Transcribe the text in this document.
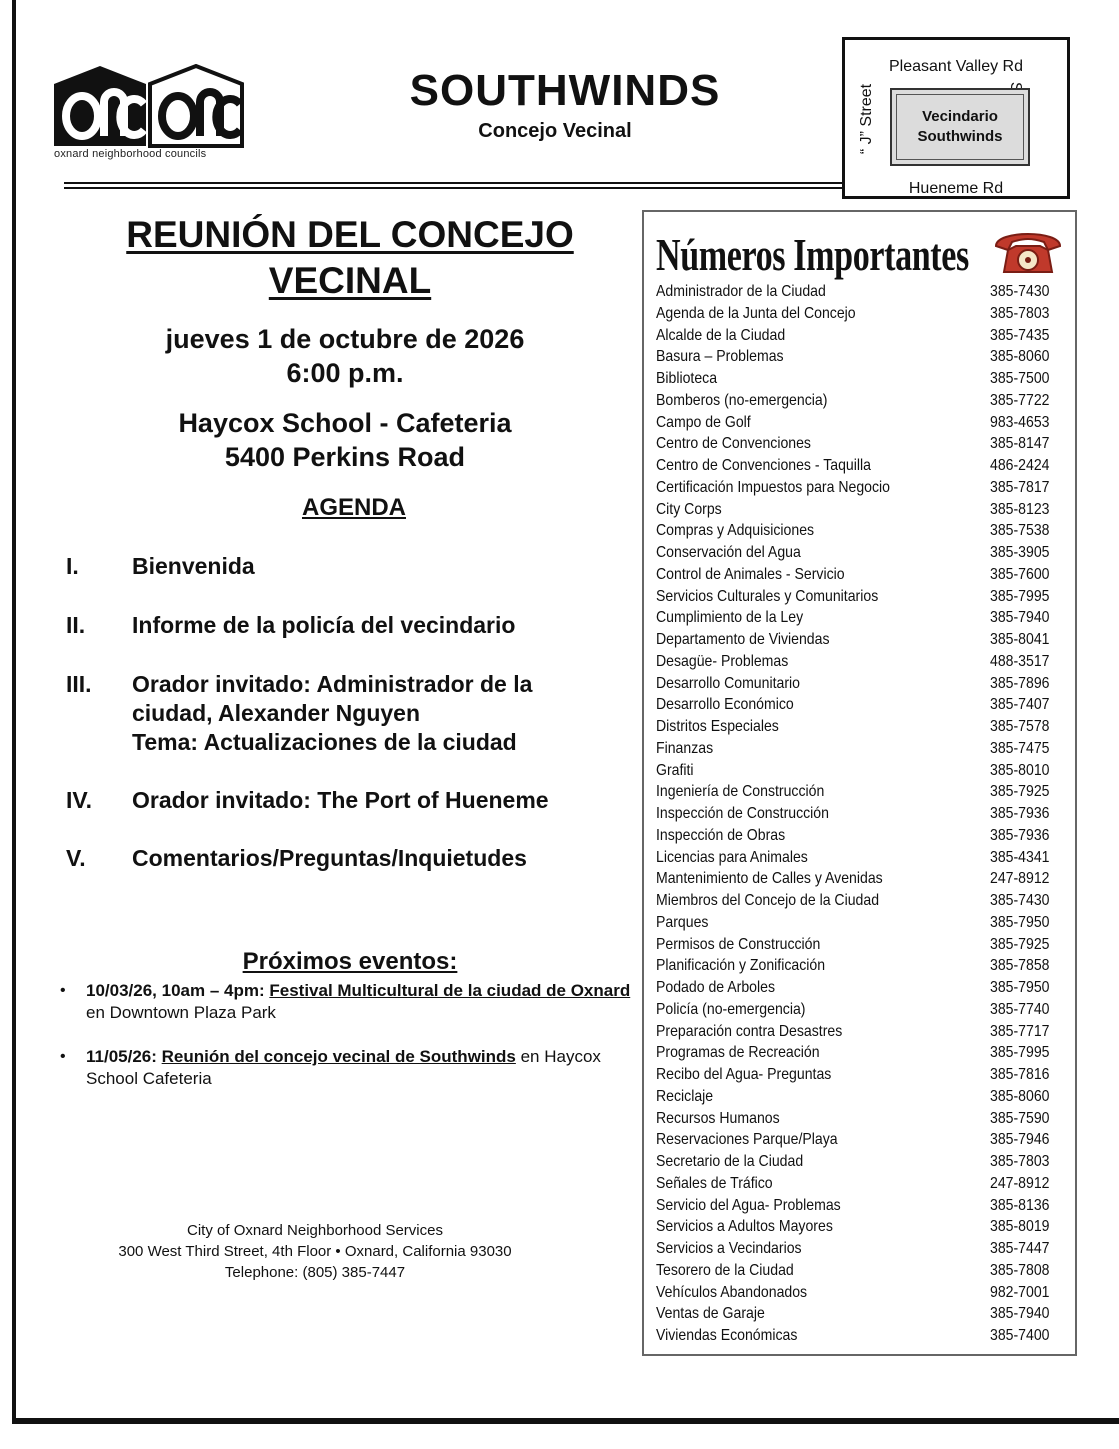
oxnard neighborhood councils
SOUTHWINDS
Concejo Vecinal
Pleasant Valley Rd
“ J” Street	Vecindario
Southwinds
Hueneme Rd
REUNIÓN DEL CONCEJO
VECINAL
jueves 1 de octubre de 2026
6:00 p.m.
Haycox School - Cafeteria
5400 Perkins Road
AGENDA
I.	Bienvenida
II.	Informe de la policía del vecindario
III.	Orador invitado: Administrador de la
ciudad, Alexander Nguyen
Tema: Actualizaciones de la ciudad
IV.	Orador invitado: The Port of Hueneme
V.	Comentarios/Preguntas/Inquietudes
Próximos eventos:
•	10/03/26, 10am – 4pm: Festival Multicultural de la ciudad de Oxnard en Downtown Plaza Park
•	11/05/26: Reunión del concejo vecinal de Southwinds en Haycox School Cafeteria
City of Oxnard Neighborhood Services
300 West Third Street, 4th Floor • Oxnard, California 93030
Telephone: (805) 385-7447
Números Importantes
Administrador de la Ciudad	385-7430
Agenda de la Junta del Concejo	385-7803
Alcalde de la Ciudad	385-7435
Basura – Problemas	385-8060
Biblioteca	385-7500
Bomberos (no-emergencia)	385-7722
Campo de Golf	983-4653
Centro de Convenciones	385-8147
Centro de Convenciones - Taquilla	486-2424
Certificación Impuestos para Negocio	385-7817
City Corps	385-8123
Compras y Adquisiciones	385-7538
Conservación del Agua	385-3905
Control de Animales - Servicio	385-7600
Servicios Culturales y Comunitarios	385-7995
Cumplimiento de la Ley	385-7940
Departamento de Viviendas	385-8041
Desagüe- Problemas	488-3517
Desarrollo Comunitario	385-7896
Desarrollo Económico	385-7407
Distritos Especiales	385-7578
Finanzas	385-7475
Grafiti	385-8010
Ingeniería de Construcción	385-7925
Inspección de Construcción	385-7936
Inspección de Obras	385-7936
Licencias para Animales	385-4341
Mantenimiento de Calles y Avenidas	247-8912
Miembros del Concejo de la Ciudad	385-7430
Parques	385-7950
Permisos de Construcción	385-7925
Planificación y Zonificación	385-7858
Podado de Arboles	385-7950
Policía (no-emergencia)	385-7740
Preparación contra Desastres	385-7717
Programas de Recreación	385-7995
Recibo del Agua- Preguntas	385-7816
Reciclaje	385-8060
Recursos Humanos	385-7590
Reservaciones Parque/Playa	385-7946
Secretario de la Ciudad	385-7803
Señales de Tráfico	247-8912
Servicio del Agua- Problemas	385-8136
Servicios a Adultos Mayores	385-8019
Servicios a Vecindarios	385-7447
Tesorero de la Ciudad	385-7808
Vehículos Abandonados	982-7001
Ventas de Garaje	385-7940
Viviendas Económicas	385-7400
